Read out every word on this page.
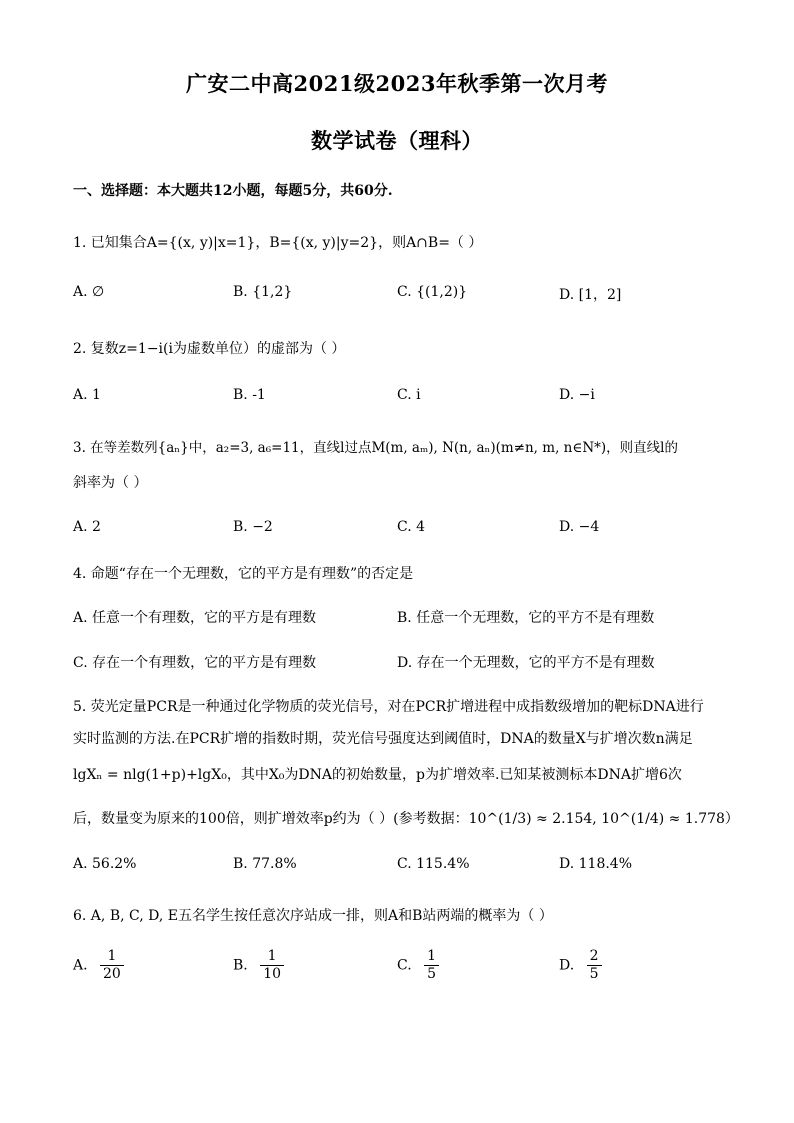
广安二中高2021级2023年秋季第一次月考
数学试卷（理科）
一、选择题：本大题共12小题，每题5分，共60分.
1. 已知集合A={(x, y)|x=1}，B={(x, y)|y=2}，则A∩B=（ ）
A. ∅	B. {1,2}	C. {(1,2)}	D. [1，2]
2. 复数z=1−i(i为虚数单位）的虚部为（ ）
A. 1	B. -1	C. i	D. −i
3. 在等差数列{aₙ}中，a₂=3, a₆=11，直线l过点M(m, aₘ), N(n, aₙ)(m≠n, m, n∈N*)，则直线l的
斜率为（ ）
A. 2	B. −2	C. 4	D. −4
4. 命题“存在一个无理数，它的平方是有理数”的否定是
A. 任意一个有理数，它的平方是有理数	B. 任意一个无理数，它的平方不是有理数
C. 存在一个有理数，它的平方是有理数	D. 存在一个无理数，它的平方不是有理数
5. 荧光定量PCR是一种通过化学物质的荧光信号，对在PCR扩增进程中成指数级增加的靶标DNA进行
实时监测的方法.在PCR扩增的指数时期，荧光信号强度达到阈值时，DNA的数量X与扩增次数n满足
lgXₙ = nlg(1+p)+lgX₀，其中X₀为DNA的初始数量，p为扩增效率.已知某被测标本DNA扩增6次
后，数量变为原来的100倍，则扩增效率p约为（ ）(参考数据：10^(1/3) ≈ 2.154, 10^(1/4) ≈ 1.778）
A. 56.2%	B. 77.8%	C. 115.4%	D. 118.4%
6. A, B, C, D, E五名学生按任意次序站成一排，则A和B站两端的概率为（ ）
A. $\frac{1}{20}$	B. $\frac{1}{10}$	C. $\frac{1}{5}$	D. $\frac{2}{5}$
